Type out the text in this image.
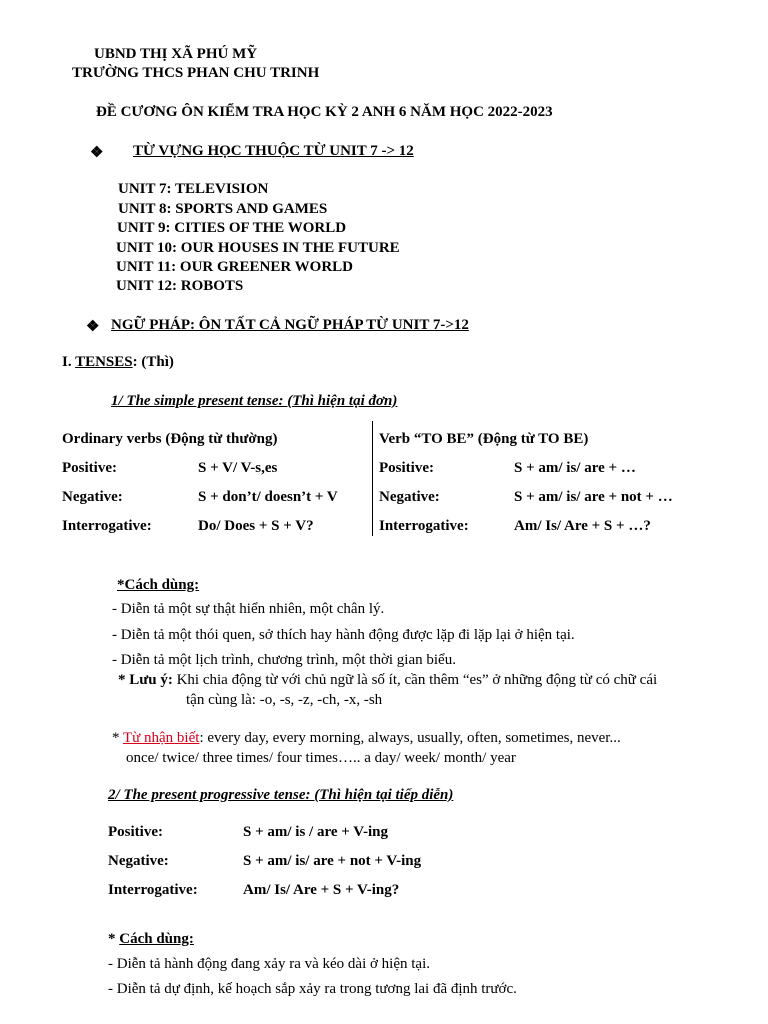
UBND THỊ XÃ PHÚ MỸ
TRƯỜNG THCS PHAN CHU TRINH
ĐỀ CƯƠNG ÔN KIỂM TRA HỌC KỲ 2 ANH 6 NĂM HỌC 2022-2023
❖ TỪ VỰNG HỌC THUỘC TỪ UNIT 7 -> 12
UNIT 7: TELEVISION
UNIT 8: SPORTS AND GAMES
UNIT 9: CITIES OF THE WORLD
UNIT 10: OUR HOUSES IN THE FUTURE
UNIT 11: OUR GREENER WORLD
UNIT 12: ROBOTS
❖ NGỮ PHÁP: ÔN TẤT CẢ NGỮ PHÁP TỪ UNIT 7->12
I. TENSES: (Thì)
1/ The simple present tense: (Thì hiện tại đơn)
Ordinary verbs (Động từ thường)	Verb “TO BE” (Động từ TO BE)
Positive:	S + V/ V-s,es	Positive:	S + am/ is/ are + …
Negative:	S + don’t/ doesn’t + V	Negative:	S + am/ is/ are + not + …
Interrogative:	Do/ Does + S + V?	Interrogative:	Am/ Is/ Are + S + …?
*Cách dùng:
- Diễn tả một sự thật hiển nhiên, một chân lý.
- Diễn tả một thói quen, sở thích hay hành động được lặp đi lặp lại ở hiện tại.
- Diễn tả một lịch trình, chương trình, một thời gian biểu.
* Lưu ý: Khi chia động từ với chủ ngữ là số ít, cần thêm “es” ở những động từ có chữ cái
tận cùng là: -o, -s, -z, -ch, -x, -sh
* Từ nhận biết: every day, every morning, always, usually, often, sometimes, never...
once/ twice/ three times/ four times….. a day/ week/ month/ year
2/ The present progressive tense: (Thì hiện tại tiếp diễn)
Positive:	S + am/ is / are + V-ing
Negative:	S + am/ is/ are + not + V-ing
Interrogative:	Am/ Is/ Are + S + V-ing?
* Cách dùng:
- Diễn tả hành động đang xảy ra và kéo dài ở hiện tại.
- Diễn tả dự định, kế hoạch sắp xảy ra trong tương lai đã định trước.
